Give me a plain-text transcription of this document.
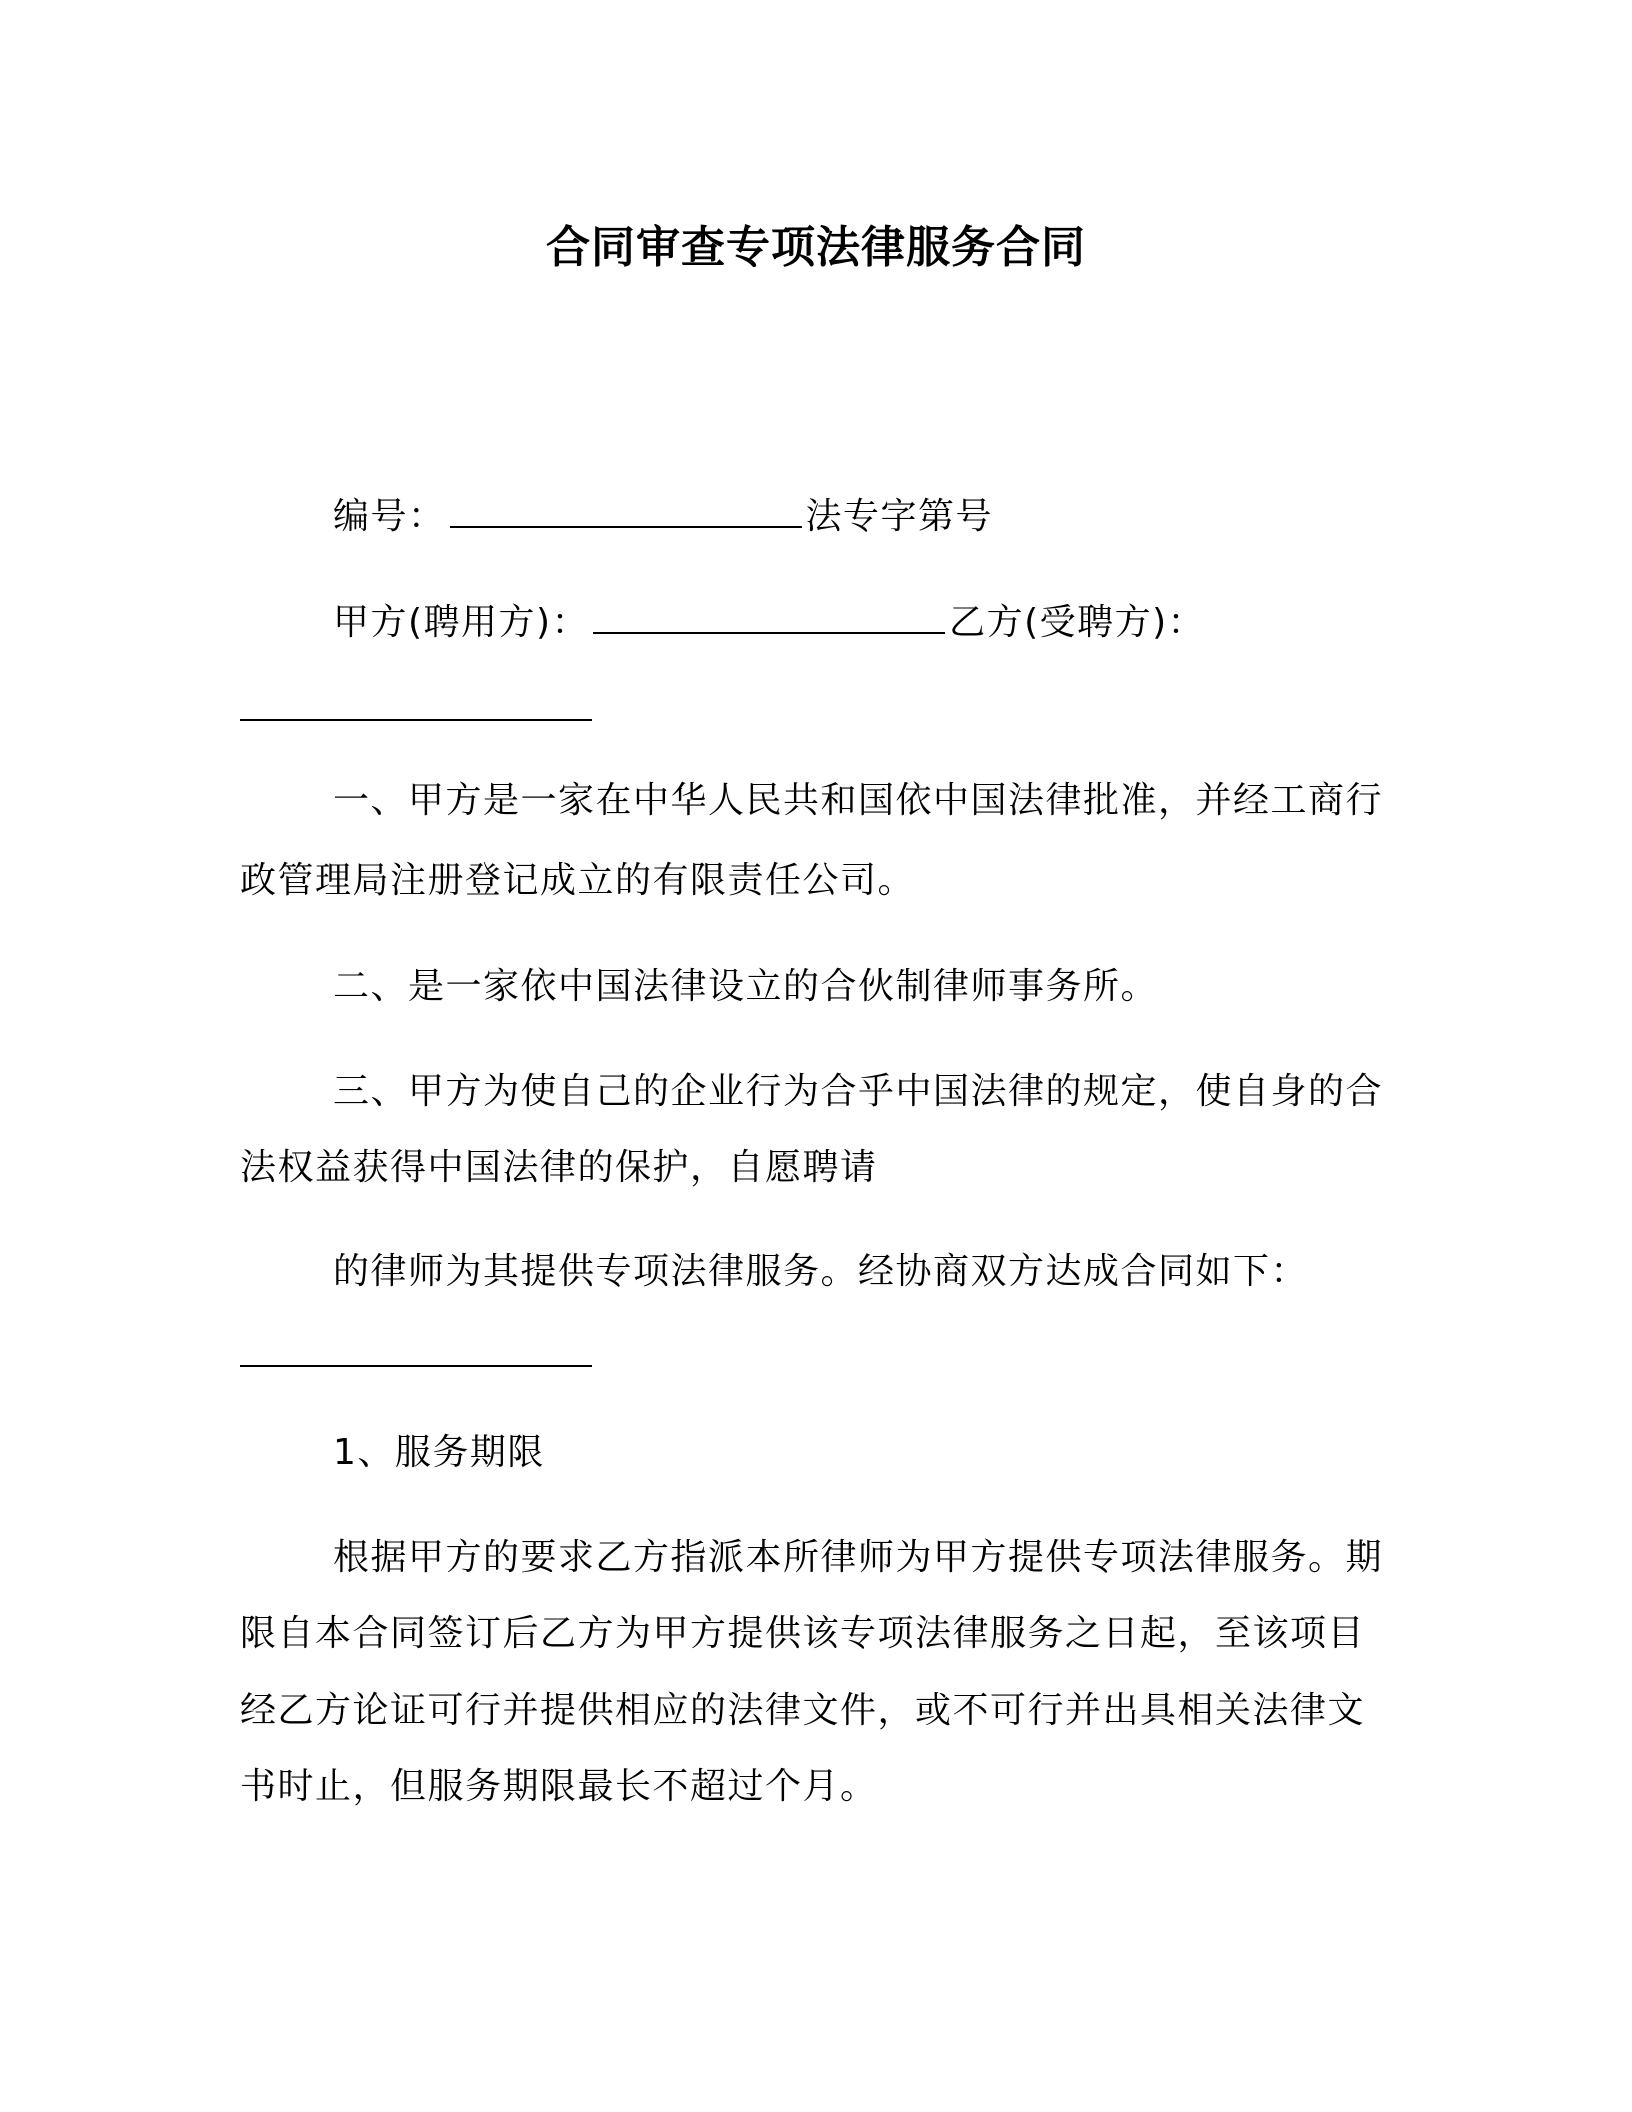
合同审查专项法律服务合同
编号：	法专字第号
甲方(聘用方)：	乙方(受聘方)：
一、甲方是一家在中华人民共和国依中国法律批准，并经工商行
政管理局注册登记成立的有限责任公司。
二、是一家依中国法律设立的合伙制律师事务所。
三、甲方为使自己的企业行为合乎中国法律的规定，使自身的合
法权益获得中国法律的保护，自愿聘请
的律师为其提供专项法律服务。经协商双方达成合同如下：
1、服务期限
根据甲方的要求乙方指派本所律师为甲方提供专项法律服务。期
限自本合同签订后乙方为甲方提供该专项法律服务之日起，至该项目
经乙方论证可行并提供相应的法律文件，或不可行并出具相关法律文
书时止，但服务期限最长不超过个月。
